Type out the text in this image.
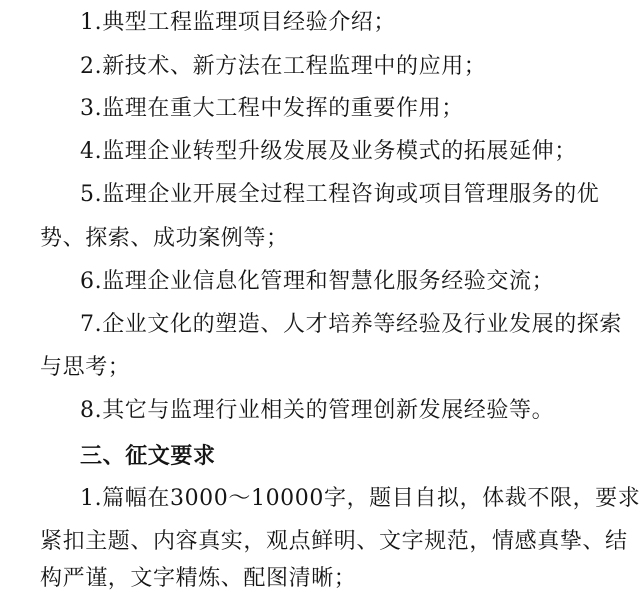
1.典型工程监理项目经验介绍；
2.新技术、新方法在工程监理中的应用；
3.监理在重大工程中发挥的重要作用；
4.监理企业转型升级发展及业务模式的拓展延伸；
5.监理企业开展全过程工程咨询或项目管理服务的优
势、探索、成功案例等；
6.监理企业信息化管理和智慧化服务经验交流；
7.企业文化的塑造、人才培养等经验及行业发展的探索
与思考；
8.其它与监理行业相关的管理创新发展经验等。
三、征文要求
1.篇幅在3000～10000字，题目自拟，体裁不限，要求
紧扣主题、内容真实，观点鲜明、文字规范，情感真挚、结
构严谨，文字精炼、配图清晰；
